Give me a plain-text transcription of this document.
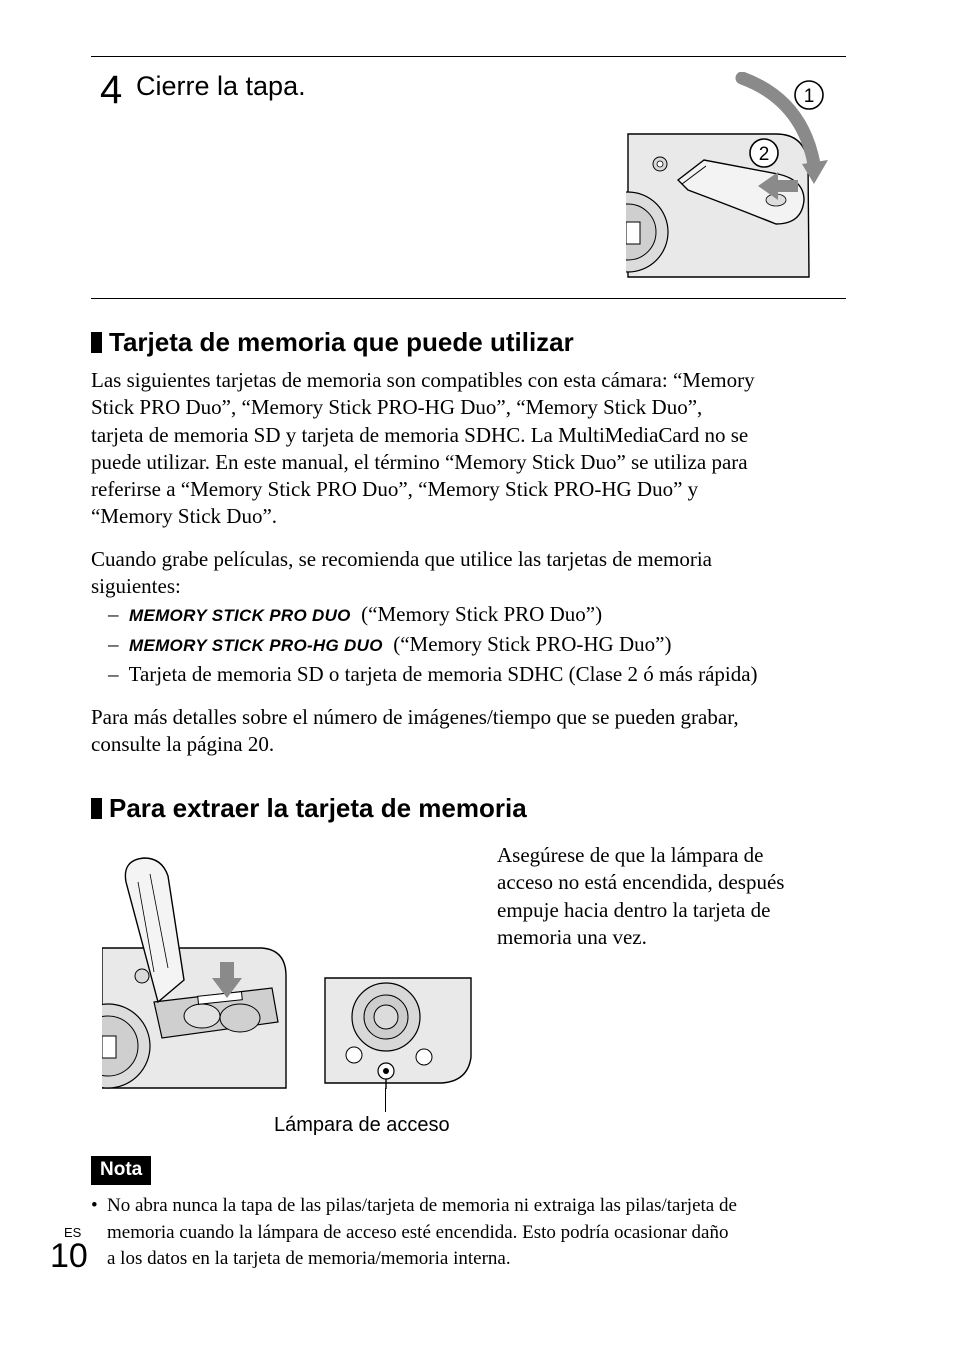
4 Cierre la tapa.	1
2
Tarjeta de memoria que puede utilizar

Las siguientes tarjetas de memoria son compatibles con esta cámara: “Memory

Stick PRO Duo”, “Memory Stick PRO-HG Duo”, “Memory Stick Duo”,

tarjeta de memoria SD y tarjeta de memoria SDHC. La MultiMediaCard no se

puede utilizar. En este manual, el término “Memory Stick Duo” se utiliza para

referirse a “Memory Stick PRO Duo”, “Memory Stick PRO-HG Duo” y

“Memory Stick Duo”.

Cuando grabe películas, se recomienda que utilice las tarjetas de memoria

siguientes:

– MEMORY STICK PRO DUO (“Memory Stick PRO Duo”)
– MEMORY STICK PRO-HG DUO (“Memory Stick PRO-HG Duo”)
– Tarjeta de memoria SD o tarjeta de memoria SDHC (Clase 2 ó más rápida)

Para más detalles sobre el número de imágenes/tiempo que se pueden grabar,

consulte la página 20.

Para extraer la tarjeta de memoria

Asegúrese de que la lámpara de

acceso no está encendida, después

empuje hacia dentro la tarjeta de

memoria una vez.

Lámpara de acceso
Nota
• No abra nunca la tapa de las pilas/tarjeta de memoria ni extraiga las pilas/tarjeta de
memoria cuando la lámpara de acceso esté encendida. Esto podría ocasionar daño
a los datos en la tarjeta de memoria/memoria interna.
ES
10
